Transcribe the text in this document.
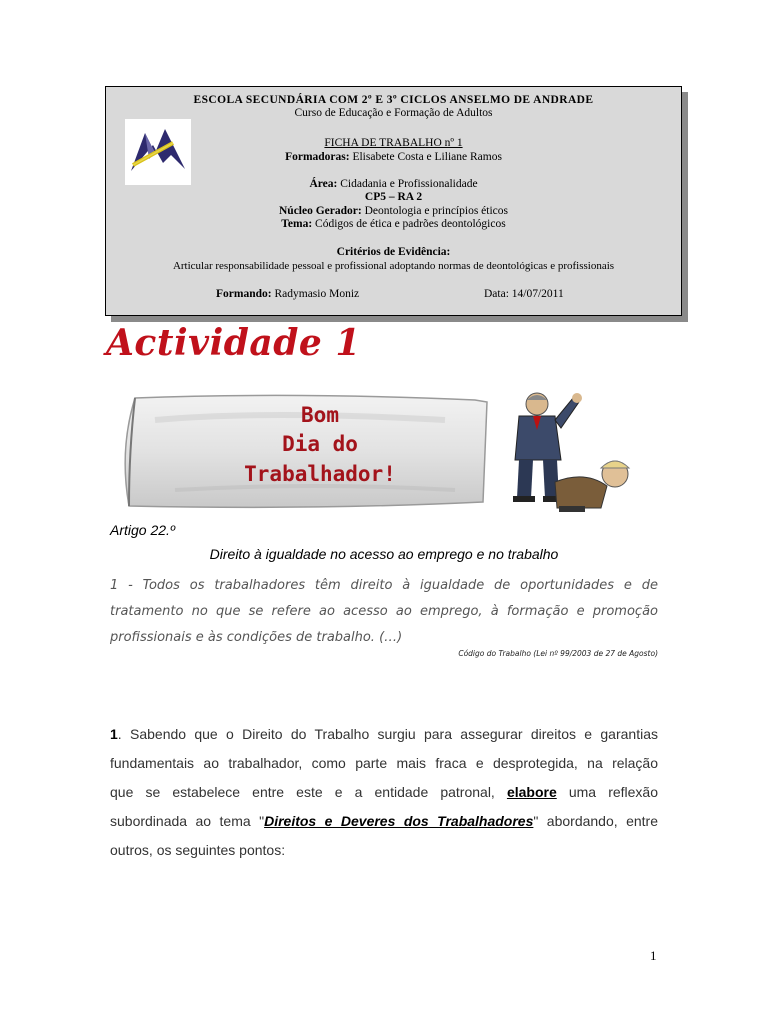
ESCOLA SECUNDÁRIA COM 2º E 3º CICLOS ANSELMO DE ANDRADE
Curso de Educação e Formação de Adultos
FICHA DE TRABALHO nº 1
Formadoras: Elisabete Costa e Liliane Ramos
Área: Cidadania e Profissionalidade
CP5 – RA 2
Núcleo Gerador: Deontologia e princípios éticos
Tema: Códigos de ética e padrões deontológicos
Critérios de Evidência:
Articular responsabilidade pessoal e profissional adoptando normas de deontológicas e profissionais
Formando: Radymasio Moniz	Data: 14/07/2011
Actividade 1
Bom
Dia do
Trabalhador!
Artigo 22.º
Direito à igualdade no acesso ao emprego e no trabalho
1 - Todos os trabalhadores têm direito à igualdade de oportunidades e de
tratamento no que se refere ao acesso ao emprego, à formação e promoção
profissionais e às condições de trabalho. (…)
Código do Trabalho (Lei nº 99/2003 de 27 de Agosto)
1. Sabendo que o Direito do Trabalho surgiu para assegurar direitos e garantias
fundamentais ao trabalhador, como parte mais fraca e desprotegida, na relação
que se estabelece entre este e a entidade patronal, elabore uma reflexão
subordinada ao tema "Direitos e Deveres dos Trabalhadores" abordando, entre
outros, os seguintes pontos:
1
